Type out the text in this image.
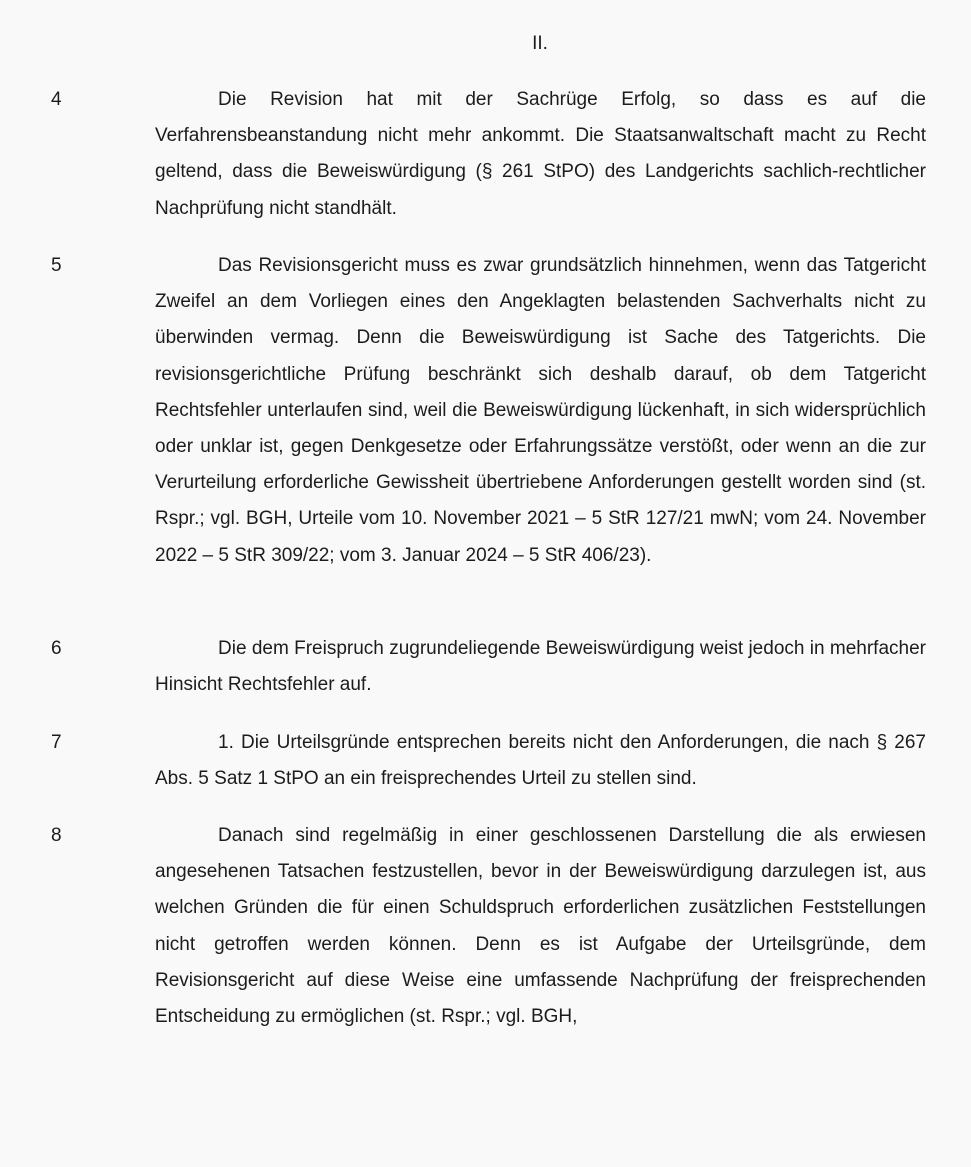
II.
4	Die Revision hat mit der Sachrüge Erfolg, so dass es auf die Verfahrensbeanstandung nicht mehr ankommt. Die Staatsanwaltschaft macht zu Recht geltend, dass die Beweiswürdigung (§ 261 StPO) des Landgerichts sachlich-rechtlicher Nachprüfung nicht standhält.

5	Das Revisionsgericht muss es zwar grundsätzlich hinnehmen, wenn das Tatgericht Zweifel an dem Vorliegen eines den Angeklagten belastenden Sachverhalts nicht zu überwinden vermag. Denn die Beweiswürdigung ist Sache des Tatgerichts. Die revisionsgerichtliche Prüfung beschränkt sich deshalb darauf, ob dem Tatgericht Rechtsfehler unterlaufen sind, weil die Beweiswürdigung lückenhaft, in sich widersprüchlich oder unklar ist, gegen Denkgesetze oder Erfahrungssätze verstößt, oder wenn an die zur Verurteilung erforderliche Gewissheit übertriebene Anforderungen gestellt worden sind (st. Rspr.; vgl. BGH, Urteile vom 10. November 2021 – 5 StR 127/21 mwN; vom 24. November 2022 – 5 StR 309/22; vom 3. Januar 2024 – 5 StR 406/23).

6	Die dem Freispruch zugrundeliegende Beweiswürdigung weist jedoch in mehrfacher Hinsicht Rechtsfehler auf.

7	1. Die Urteilsgründe entsprechen bereits nicht den Anforderungen, die nach § 267 Abs. 5 Satz 1 StPO an ein freisprechendes Urteil zu stellen sind.

8	Danach sind regelmäßig in einer geschlossenen Darstellung die als erwiesen angesehenen Tatsachen festzustellen, bevor in der Beweiswürdigung darzulegen ist, aus welchen Gründen die für einen Schuldspruch erforderlichen zusätzlichen Feststellungen nicht getroffen werden können. Denn es ist Aufgabe der Urteilsgründe, dem Revisionsgericht auf diese Weise eine umfassende Nachprüfung der freisprechenden Entscheidung zu ermöglichen (st. Rspr.; vgl. BGH,
